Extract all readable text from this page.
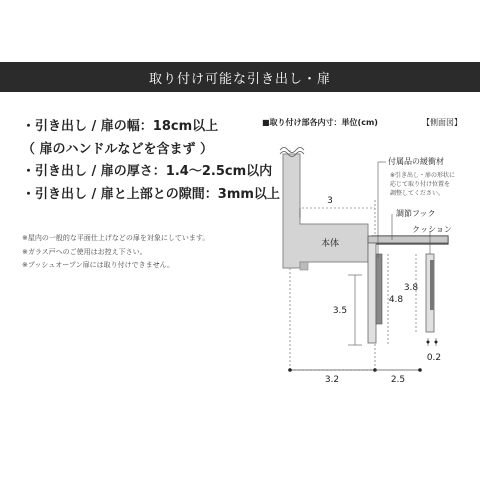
取り付け可能な引き出し・扉
・引き出し / 扉の幅：18cm以上
（ 扉のハンドルなどを含まず ）
・引き出し / 扉の厚さ：1.4〜2.5cm以内
・引き出し / 扉と上部との隙間：3mm以上
※屋内の一般的な平面仕上げなどの扉を対象にしています。
※ガラス戸へのご使用はお控え下さい。
※プッシュオープン扉には取り付けできません。
■取り付け部各内寸：単位(cm)	【側面図】
本体
3
3.5
4.8
3.8
0.2
3.2	2.5
付属品の緩衝材
※引き出し・扉の形状に
応じて取り付け位置を
調整してください。
調節フック
クッション
